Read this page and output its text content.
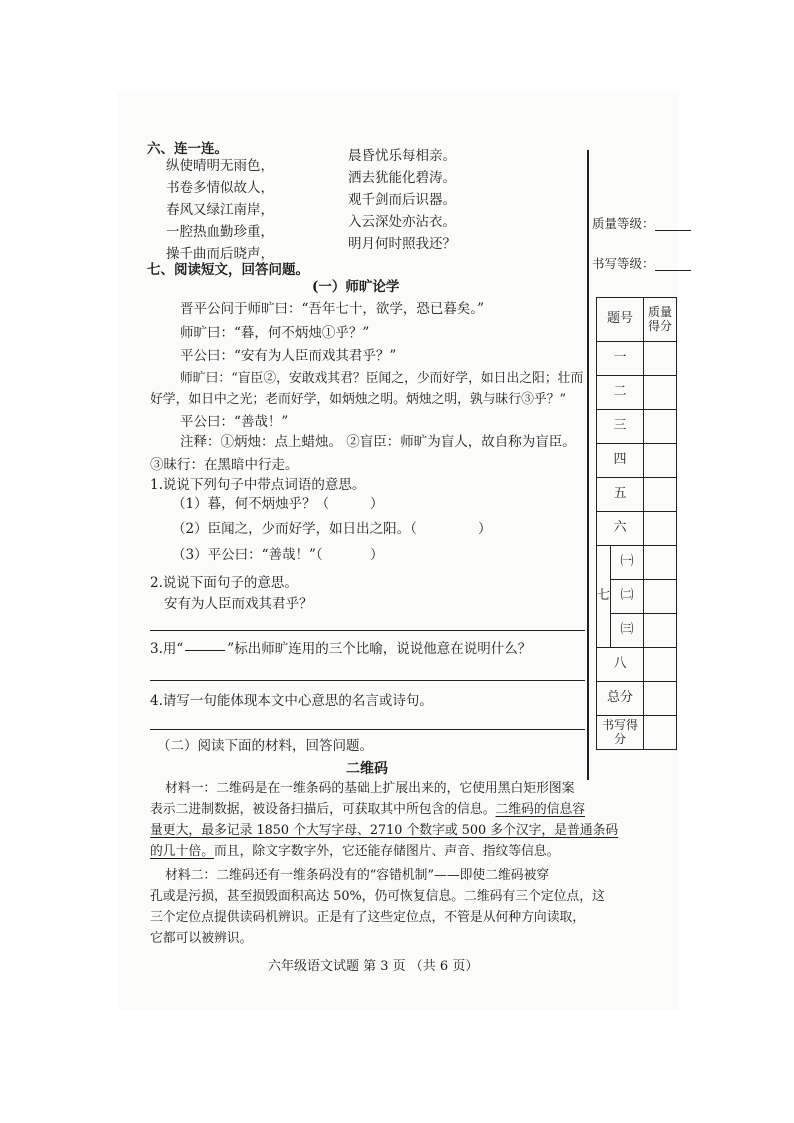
六、连一连。
纵使晴明无雨色，
书卷多情似故人，
春风又绿江南岸，
一腔热血勤珍重，
操千曲而后晓声，
晨昏忧乐每相亲。
洒去犹能化碧涛。
观千剑而后识器。
入云深处亦沾衣。
明月何时照我还？
七、阅读短文，回答问题。
(一）师旷论学
晋平公问于师旷曰：“吾年七十，欲学，恐已暮矣。”
师旷曰：“暮，何不炳烛①乎？”
平公曰：“安有为人臣而戏其君乎？”
师旷曰：“盲臣②，安敢戏其君？臣闻之，少而好学，如日出之阳；壮而
好学，如日中之光；老而好学，如炳烛之明。炳烛之明，孰与昧行③乎？”
平公曰：“善哉！”
注释：①炳烛：点上蜡烛。 ②盲臣：师旷为盲人，故自称为盲臣。
③昧行：在黑暗中行走。
1.说说下列句子中带点词语的意思。
（1）暮，何不炳烛乎？（	）
（2）臣闻之，少而好学，如日出之阳。（	）
（3）平公曰：“善哉！”（	）
2.说说下面句子的意思。
安有为人臣而戏其君乎？
3.用“	”标出师旷连用的三个比喻，说说他意在说明什么？
4.请写一句能体现本文中心意思的名言或诗句。
（二）阅读下面的材料，回答问题。
二维码
材料一：二维码是在一维条码的基础上扩展出来的，它使用黑白矩形图案
表示二进制数据，被设备扫描后，可获取其中所包含的信息。二维码的信息容
量更大，最多记录 1850 个大写字母、2710 个数字或 500 多个汉字，是普通条码
的几十倍。而且，除文字数字外，它还能存储图片、声音、指纹等信息。
材料二：二维码还有一维条码没有的“容错机制”——即使二维码被穿
孔或是污损，甚至损毁面积高达 50%，仍可恢复信息。二维码有三个定位点，这
三个定位点提供读码机辨识。正是有了这些定位点，不管是从何种方向读取，
它都可以被辨识。
六年级语文试题 第 3 页 （共 6 页）
质量等级：
书写等级：
题号		质量得分
一		
二		
三		
四		
五		
六		
七	㈠	
	㈡	
	㈢	
八		
总分		
书写得分		
